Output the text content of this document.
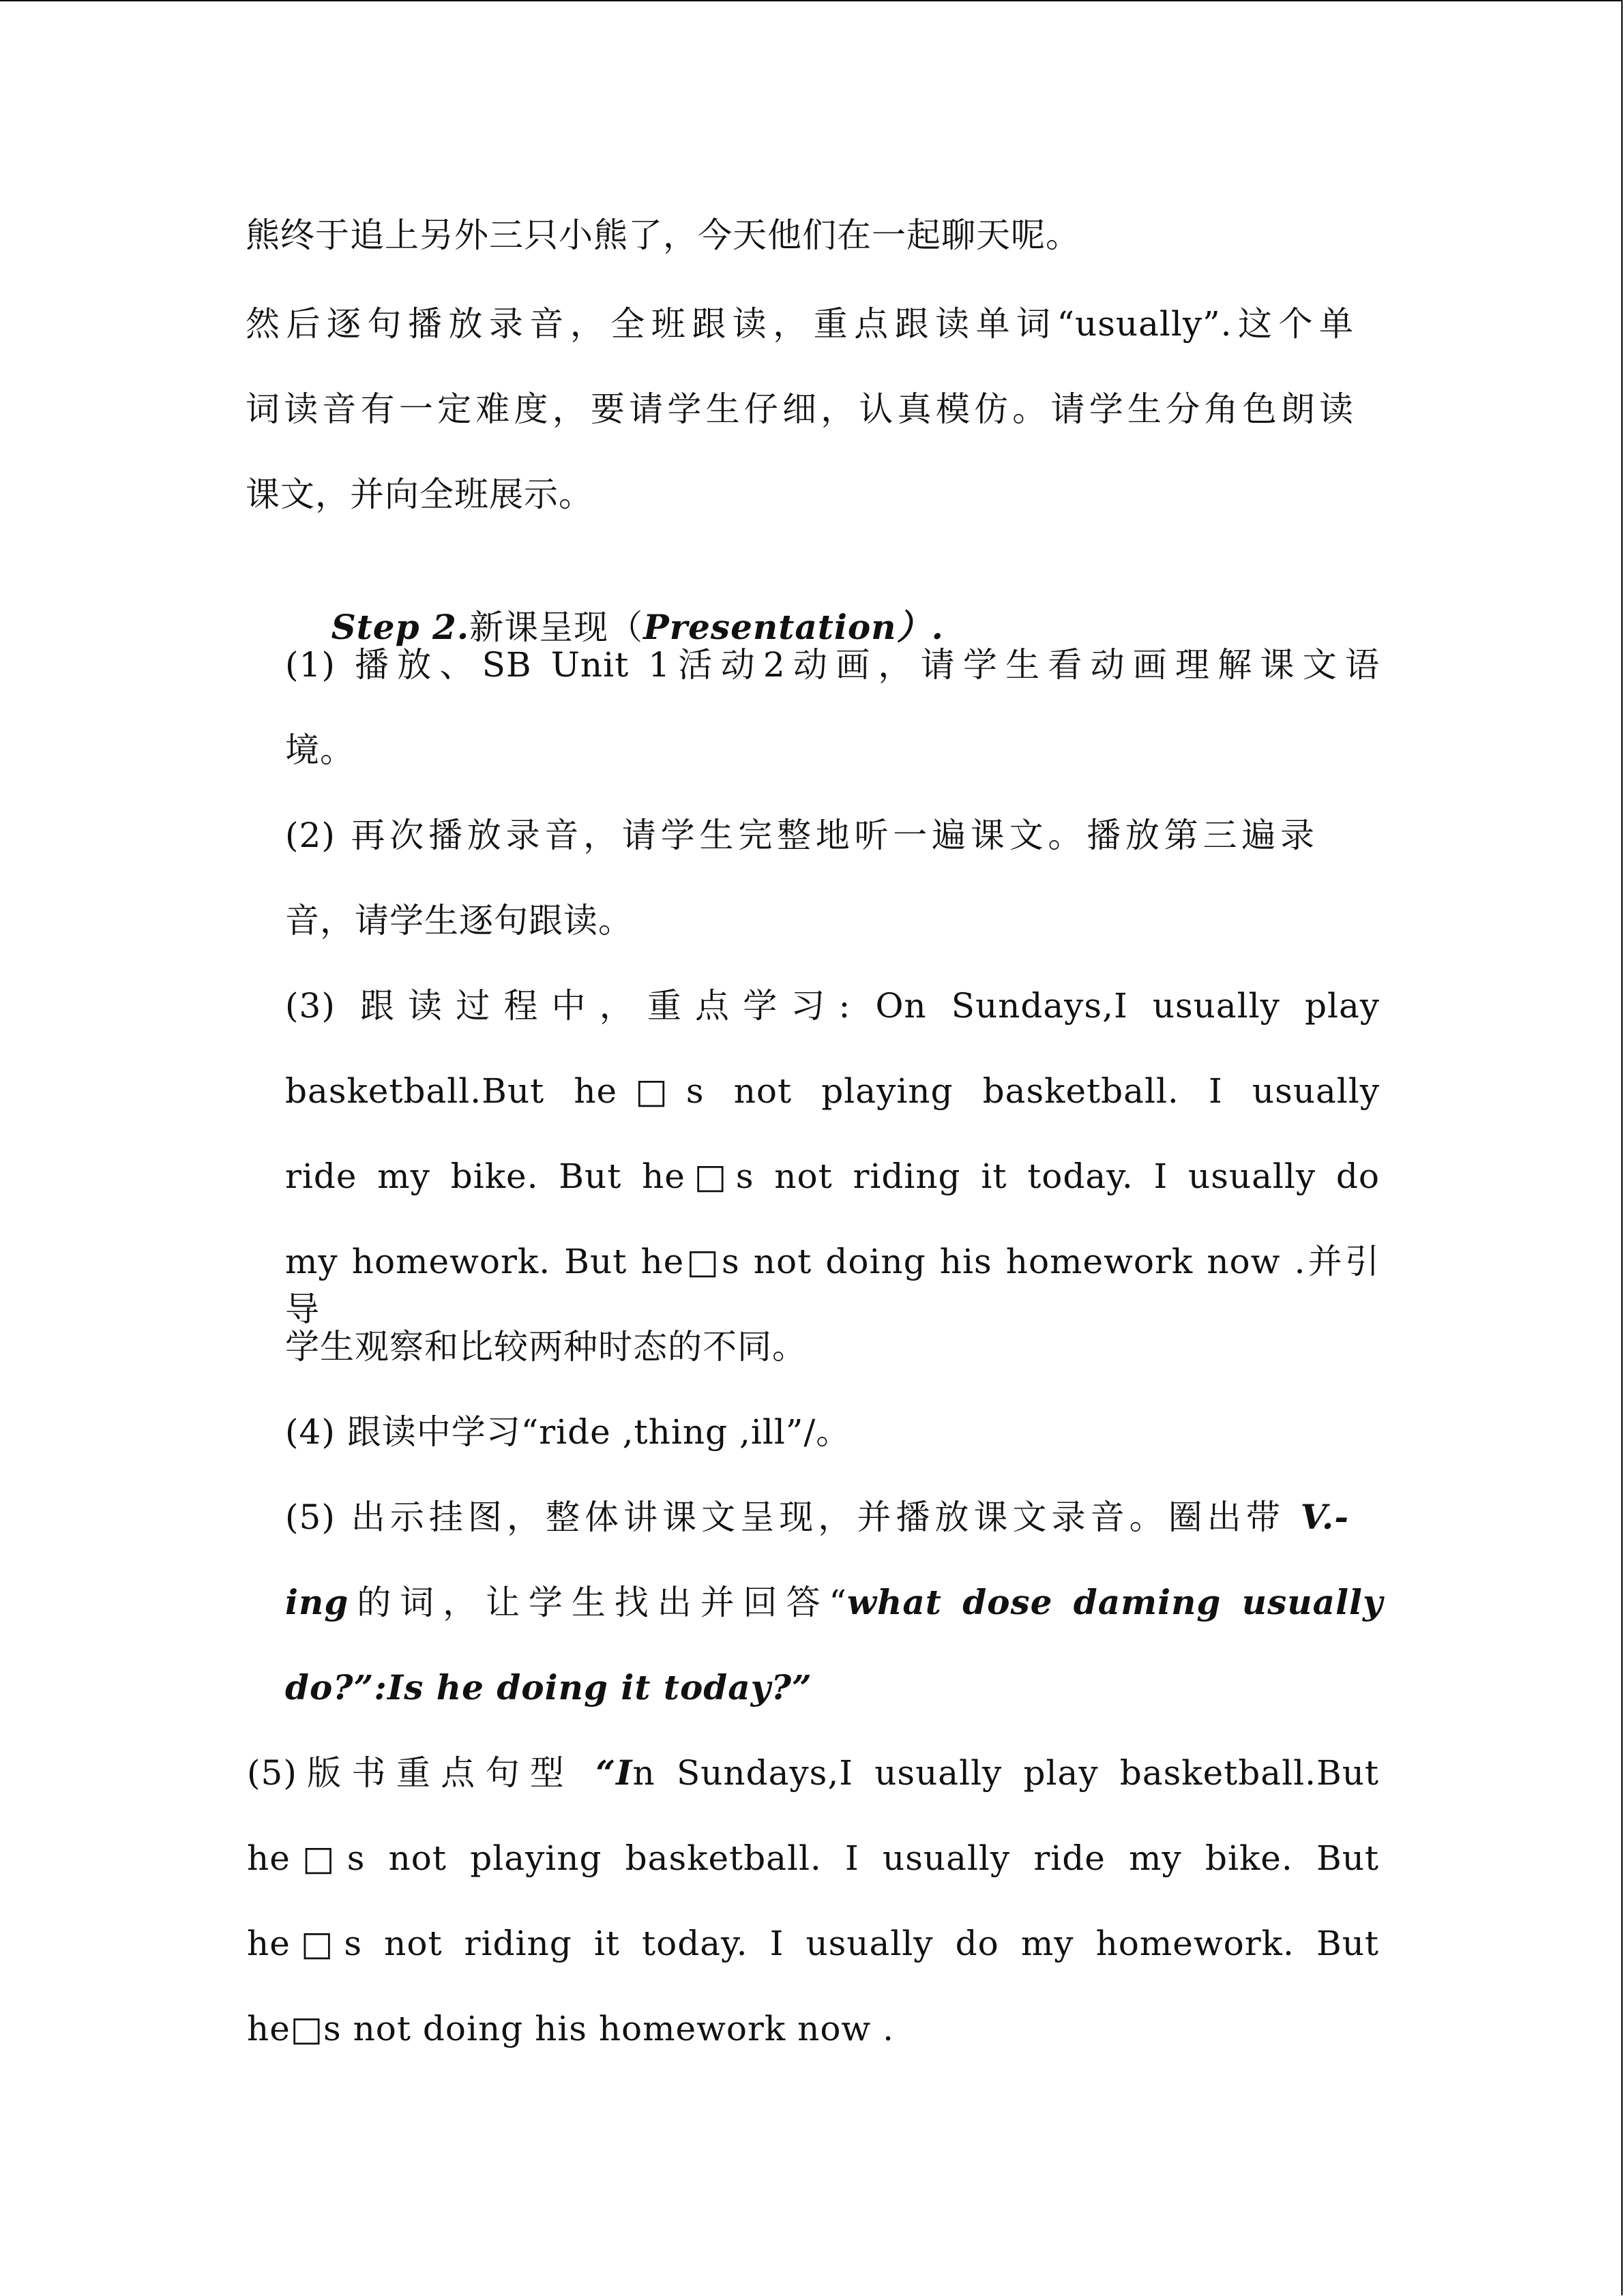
熊终于追上另外三只小熊了，今天他们在一起聊天呢。
然后逐句播放录音，全班跟读，重点跟读单词“usually”.这个单
词读音有一定难度，要请学生仔细，认真模仿。请学生分角色朗读
课文，并向全班展示。

Step 2.新课呈现（Presentation）.

(1) 播放、SB Unit 1活动2动画，请学生看动画理解课文语
境。
(2) 再次播放录音，请学生完整地听一遍课文。播放第三遍录
音，请学生逐句跟读。
(3) 跟读过程中，重点学习: On Sundays,I usually play
basketball.But he□s not playing basketball. I usually
ride my bike. But he□s not riding it today. I usually do
my homework. But he□s not doing his homework now .并引导
学生观察和比较两种时态的不同。
(4) 跟读中学习“ride ,thing ,ill”/。
(5) 出示挂图，整体讲课文呈现，并播放课文录音。圈出带 V.-
ing的词，让学生找出并回答“what dose daming usually
do?”:Is he doing it today?”
(5)版书重点句型 “In Sundays,I usually play basketball.But
he□s not playing basketball. I usually ride my bike. But
he□s not riding it today. I usually do my homework. But
he□s not doing his homework now .
